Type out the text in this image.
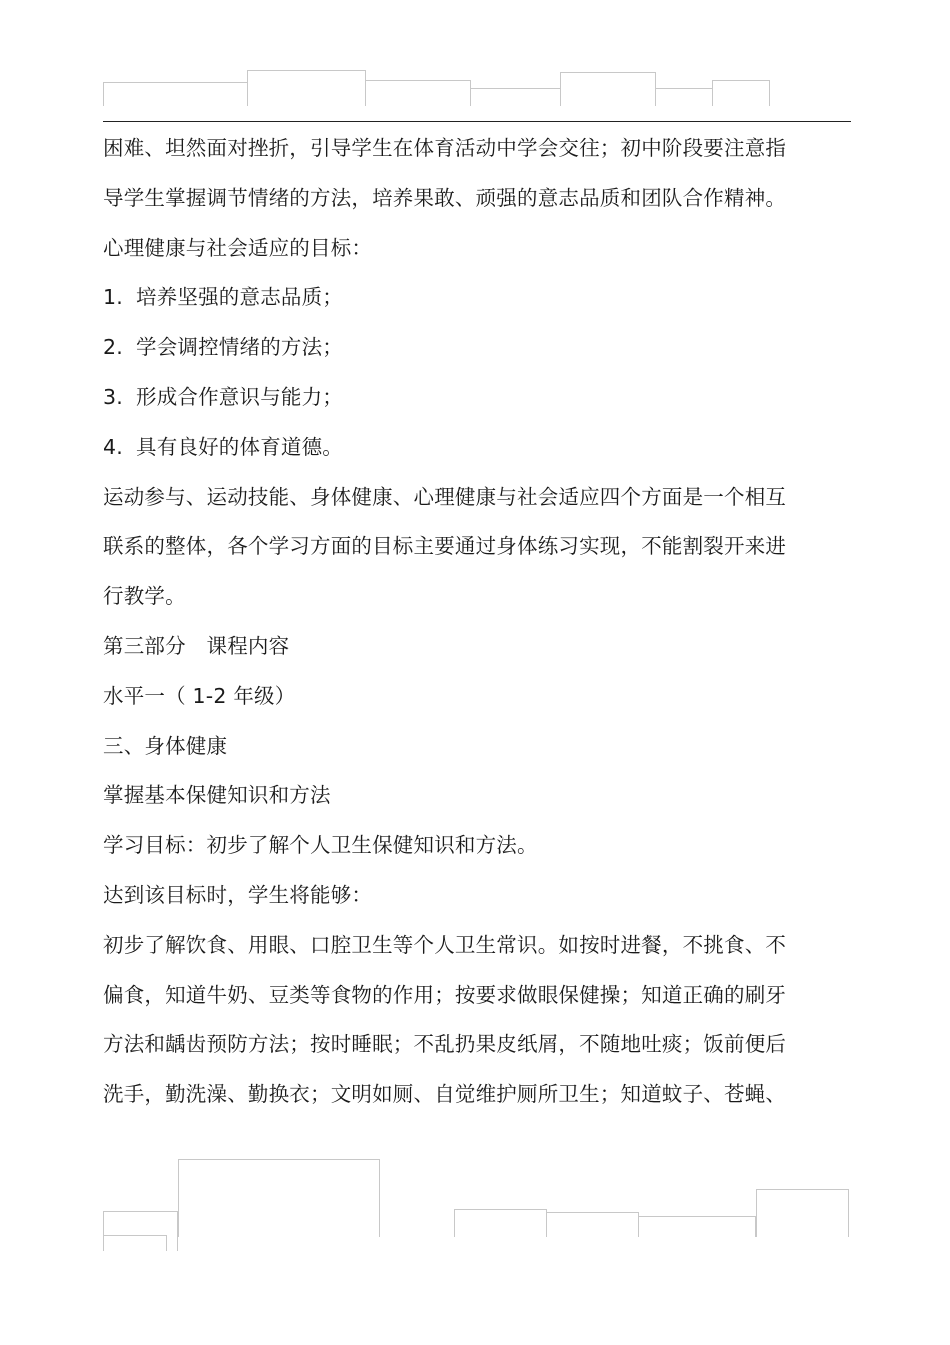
困难、坦然面对挫折，引导学生在体育活动中学会交往；初中阶段要注意指
导学生掌握调节情绪的方法，培养果敢、顽强的意志品质和团队合作精神。
心理健康与社会适应的目标：
1. 培养坚强的意志品质；
2. 学会调控情绪的方法；
3. 形成合作意识与能力；
4. 具有良好的体育道德。
运动参与、运动技能、身体健康、心理健康与社会适应四个方面是一个相互
联系的整体，各个学习方面的目标主要通过身体练习实现，不能割裂开来进
行教学。
第三部分　课程内容
水平一（ 1-2 年级）
三、身体健康
掌握基本保健知识和方法
学习目标：初步了解个人卫生保健知识和方法。
达到该目标时，学生将能够：
初步了解饮食、用眼、口腔卫生等个人卫生常识。如按时进餐，不挑食、不
偏食，知道牛奶、豆类等食物的作用；按要求做眼保健操；知道正确的刷牙
方法和龋齿预防方法；按时睡眠；不乱扔果皮纸屑，不随地吐痰；饭前便后
洗手，勤洗澡、勤换衣；文明如厕、自觉维护厕所卫生；知道蚊子、苍蝇、
